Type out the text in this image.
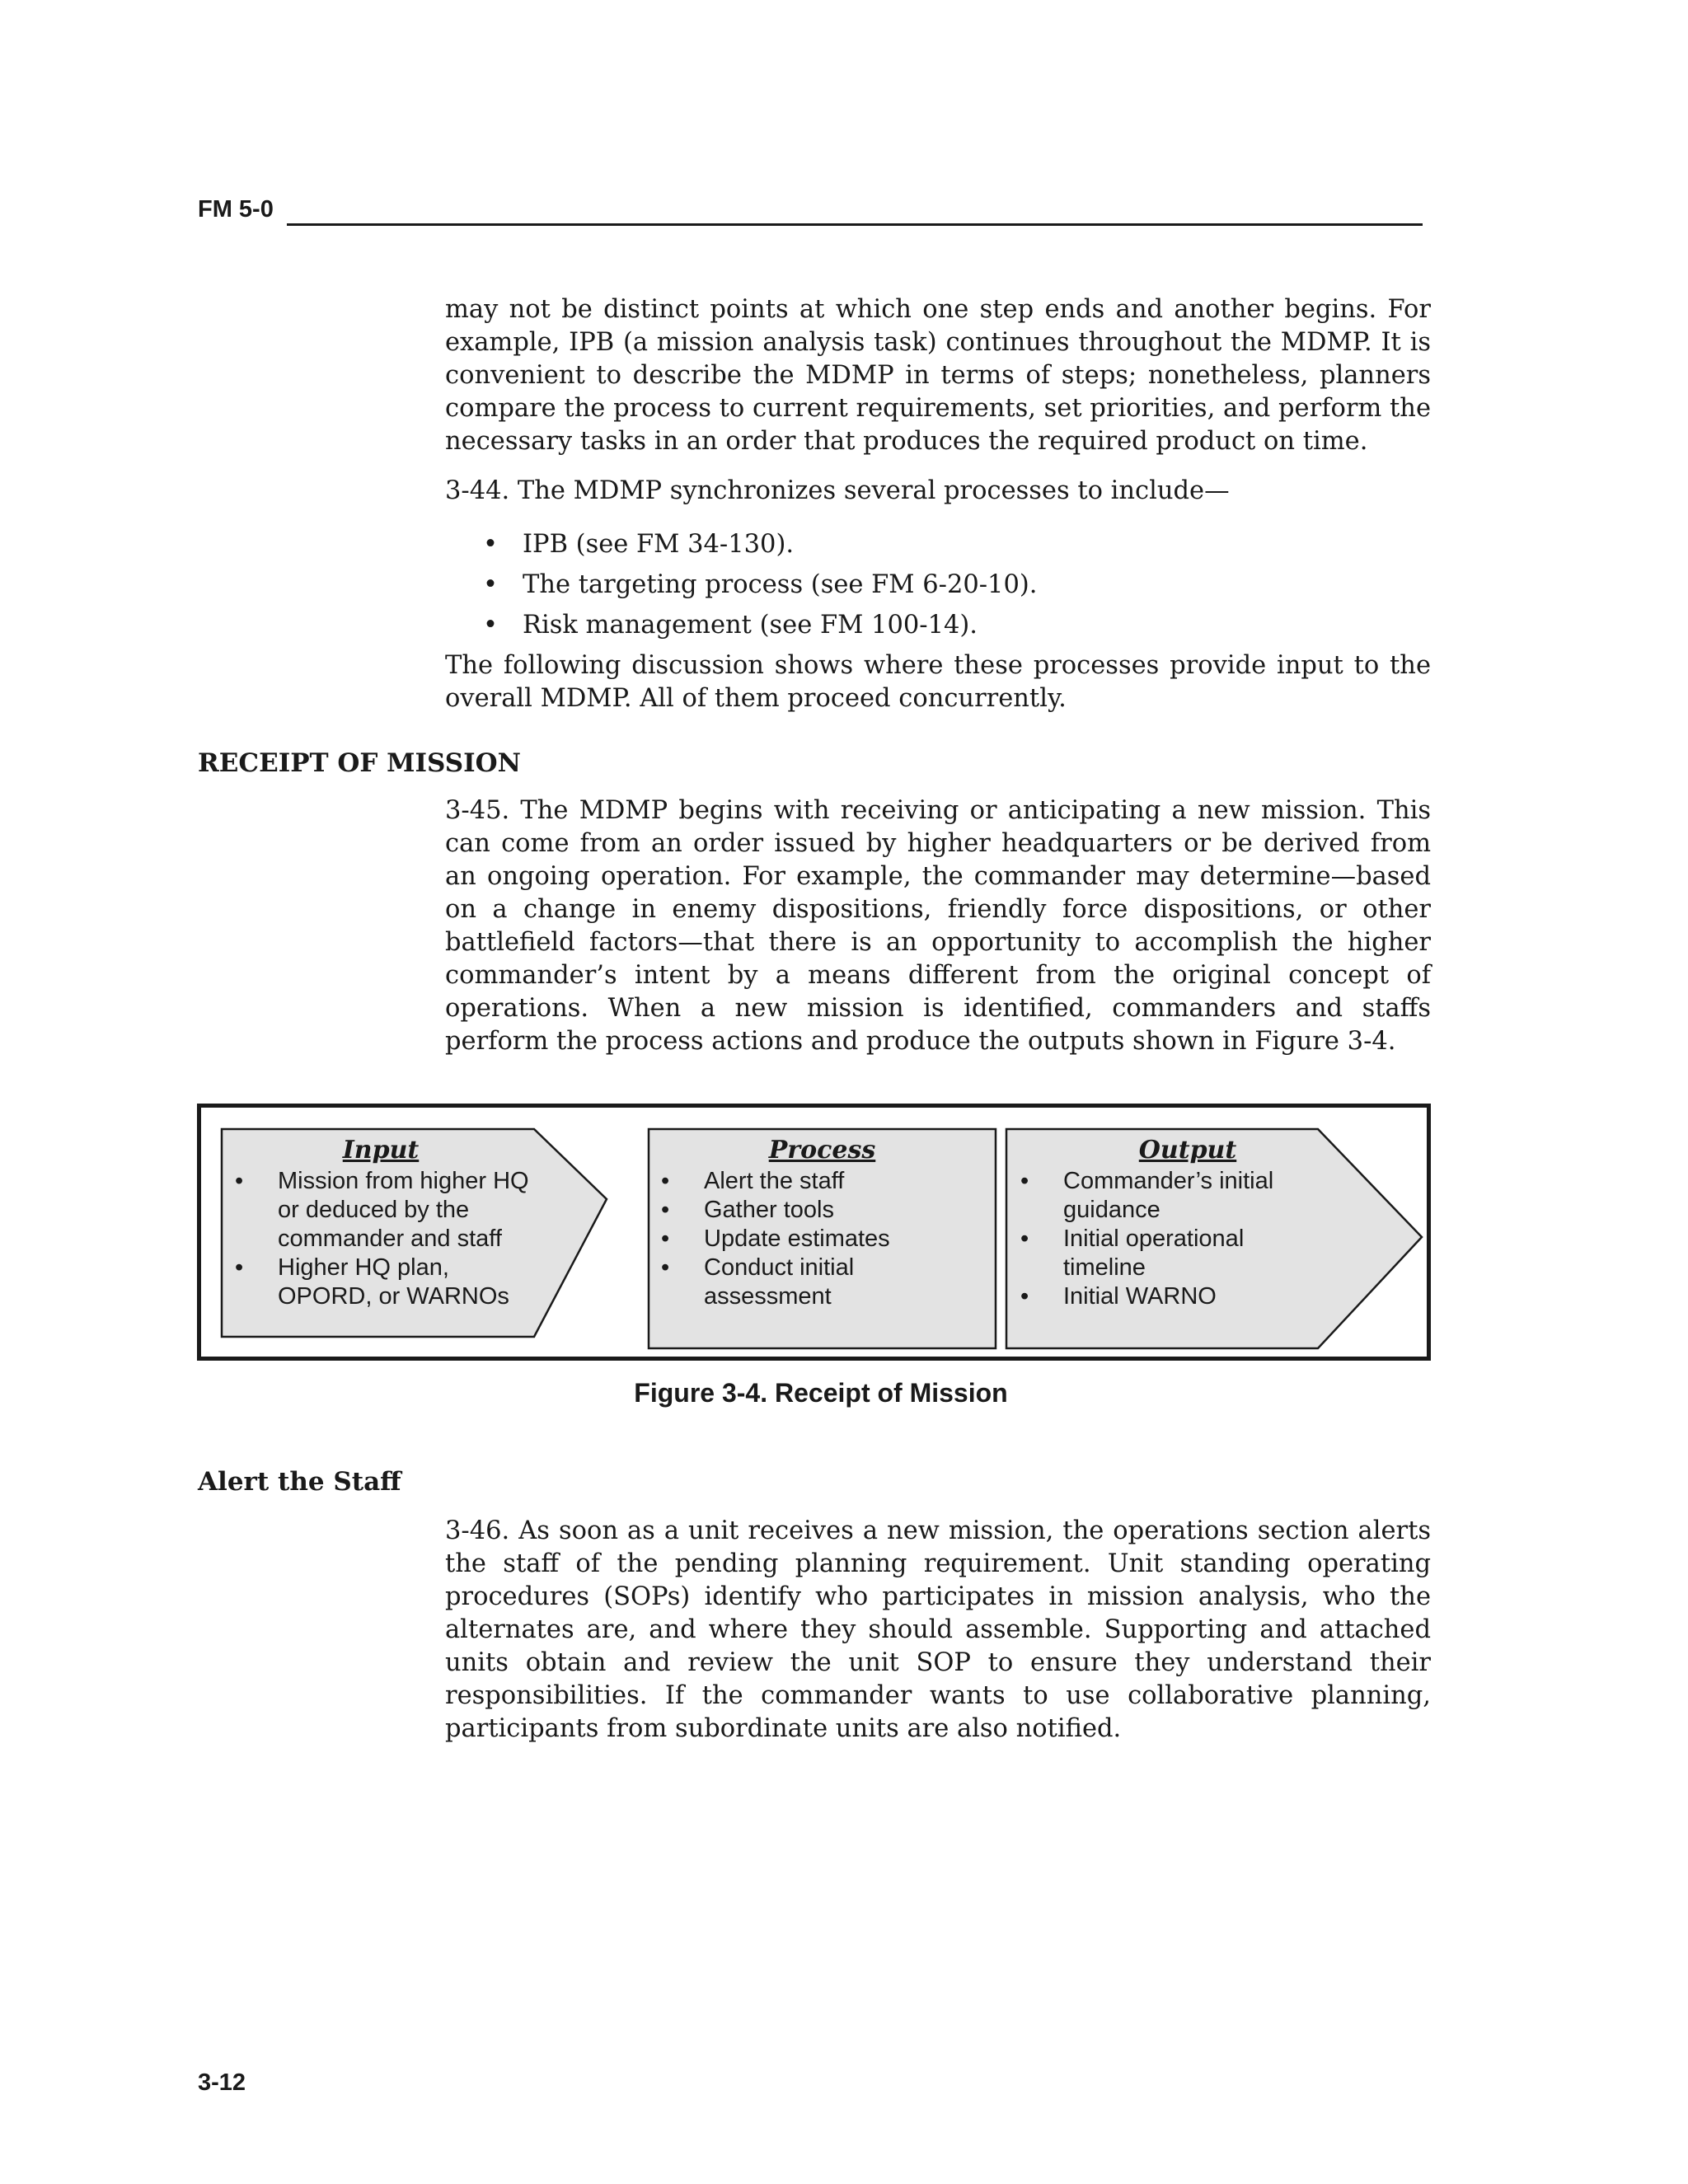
FM 5-0

may not be distinct points at which one step ends and another begins. For example, IPB (a mission analysis task) continues throughout the MDMP. It is convenient to describe the MDMP in terms of steps; nonetheless, planners compare the process to current requirements, set priorities, and perform the necessary tasks in an order that produces the required product on time.

3-44. The MDMP synchronizes several processes to include—

• IPB (see FM 34-130).
• The targeting process (see FM 6-20-10).
• Risk management (see FM 100-14).

The following discussion shows where these processes provide input to the overall MDMP. All of them proceed concurrently.

RECEIPT OF MISSION

3-45. The MDMP begins with receiving or anticipating a new mission. This can come from an order issued by higher headquarters or be derived from an ongoing operation. For example, the commander may determine—based on a change in enemy dispositions, friendly force dispositions, or other battlefield factors—that there is an opportunity to accomplish the higher commander’s intent by a means different from the original concept of operations. When a new mission is identified, commanders and staffs perform the process actions and produce the outputs shown in Figure 3-4.

Input
• Mission from higher HQ or deduced by the commander and staff
• Higher HQ plan, OPORD, or WARNOs
Process
• Alert the staff
• Gather tools
• Update estimates
• Conduct initial assessment
Output
• Commander’s initial guidance
• Initial operational timeline
• Initial WARNO
Figure 3-4. Receipt of Mission
Alert the Staff

3-46. As soon as a unit receives a new mission, the operations section alerts the staff of the pending planning requirement. Unit standing operating procedures (SOPs) identify who participates in mission analysis, who the alternates are, and where they should assemble. Supporting and attached units obtain and review the unit SOP to ensure they understand their responsibilities. If the commander wants to use collaborative planning, participants from subordinate units are also notified.

3-12
